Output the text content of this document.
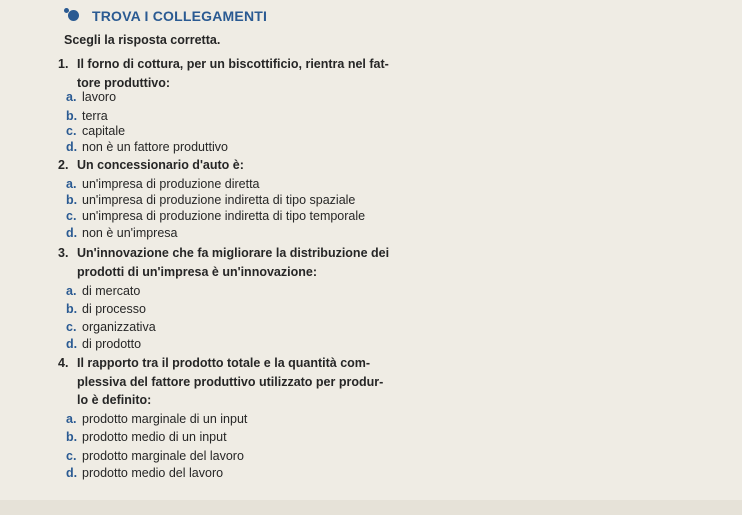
TROVA I COLLEGAMENTI
Scegli la risposta corretta.
1. Il forno di cottura, per un biscottificio, rientra nel fat-
tore produttivo:
a. lavoro
b. terra
c. capitale
d. non è un fattore produttivo
2. Un concessionario d'auto è:
a. un'impresa di produzione diretta
b. un'impresa di produzione indiretta di tipo spaziale
c. un'impresa di produzione indiretta di tipo temporale
d. non è un'impresa
3. Un'innovazione che fa migliorare la distribuzione dei
prodotti di un'impresa è un'innovazione:
a. di mercato
b. di processo
c. organizzativa
d. di prodotto
4. Il rapporto tra il prodotto totale e la quantità com-
plessiva del fattore produttivo utilizzato per produr-
lo è definito:
a. prodotto marginale di un input
b. prodotto medio di un input
c. prodotto marginale del lavoro
d. prodotto medio del lavoro
